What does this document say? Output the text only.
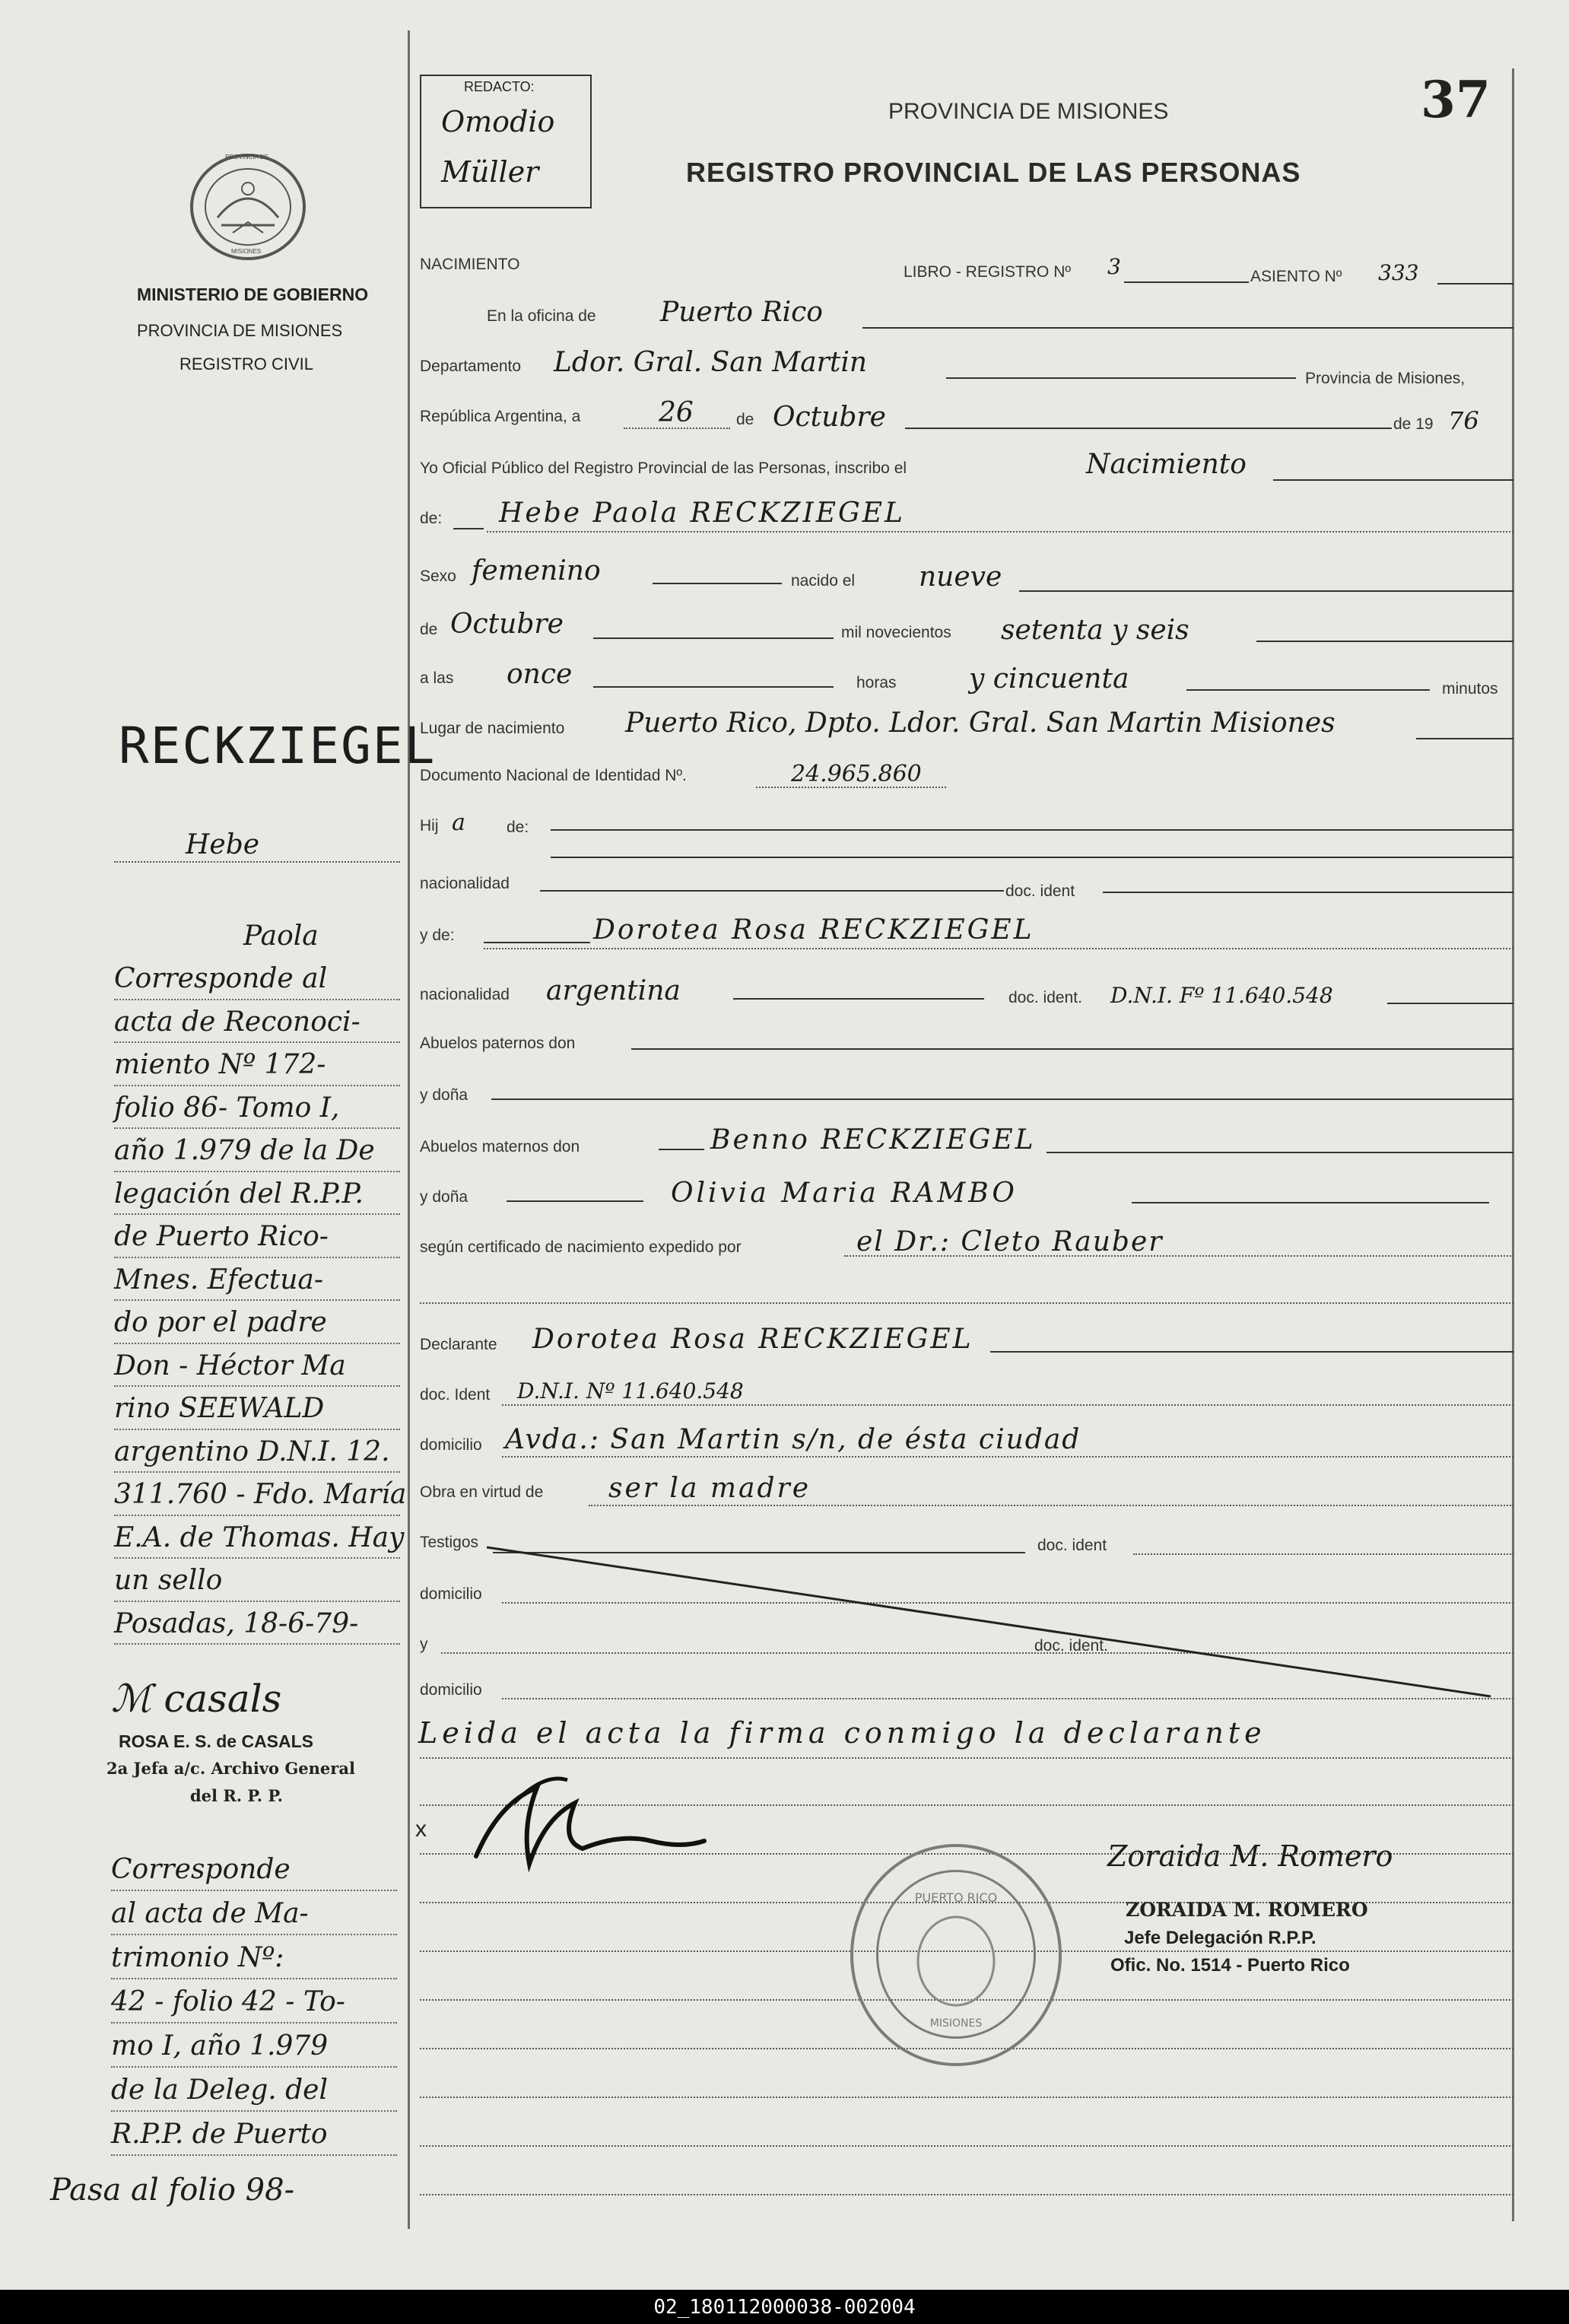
37
REDACTO:
Omodio
Müller
PROVINCIA DE MISIONES
REGISTRO PROVINCIAL DE LAS PERSONAS
PROVINCIA DE
MISIONES
MINISTERIO DE GOBIERNO
PROVINCIA DE MISIONES
REGISTRO CIVIL
RECKZIEGEL
Hebe
Paola
Corresponde al
acta de Reconoci-
miento Nº 172-
folio 86- Tomo I,
año 1.979 de la De
legación del R.P.P.
de Puerto Rico-
Mnes. Efectua-
do por el padre
Don - Héctor Ma
rino SEEWALD
argentino D.N.I. 12.
311.760 - Fdo. María
E.A. de Thomas. Hay
un sello
Posadas, 18-6-79-
ℳ casals
ROSA E. S. de CASALS
2a Jefa a/c. Archivo General
del R. P. P.
Corresponde
al acta de Ma-
trimonio Nº:
42 - folio 42 - To-
mo I, año 1.979
de la Deleg. del
R.P.P. de Puerto
Pasa al folio 98-
NACIMIENTO	LIBRO - REGISTRO Nº 3	ASIENTO Nº 333
En la oficina de Puerto Rico
Departamento Ldor. Gral. San Martin
Provincia de Misiones,
República Argentina, a	26	de Octubre	de 19 76
Yo Oficial Público del Registro Provincial de las Personas, inscribo el	Nacimiento
de: Hebe Paola RECKZIEGEL
Sexo femenino	nacido el nueve
de Octubre	mil novecientos setenta y seis
a las once	horas	y cincuenta	minutos
Lugar de nacimiento Puerto Rico, Dpto. Ldor. Gral. San Martin Misiones
Documento Nacional de Identidad Nº.	24.965.860
Hij a	de:
nacionalidad	doc. ident
y de:	Dorotea Rosa RECKZIEGEL
nacionalidad argentina	doc. ident. D.N.I. Fº 11.640.548
Abuelos paternos don
y doña
Abuelos maternos don	Benno RECKZIEGEL
y doña	Olivia Maria RAMBO
según certificado de nacimiento expedido por	el Dr.: Cleto Rauber
Declarante Dorotea Rosa RECKZIEGEL
doc. Ident D.N.I. Nº 11.640.548
domicilio Avda.: San Martin s/n, de ésta ciudad
Obra en virtud de ser la madre
Testigos	doc. ident
domicilio
y	doc. ident.
domicilio
Leida el acta la firma conmigo la declarante
x
PUERTO RICO
MISIONES
Zoraida M. Romero
ZORAIDA M. ROMERO
Jefe Delegación R.P.P.
Ofic. No. 1514 - Puerto Rico
02_180112000038-002004
